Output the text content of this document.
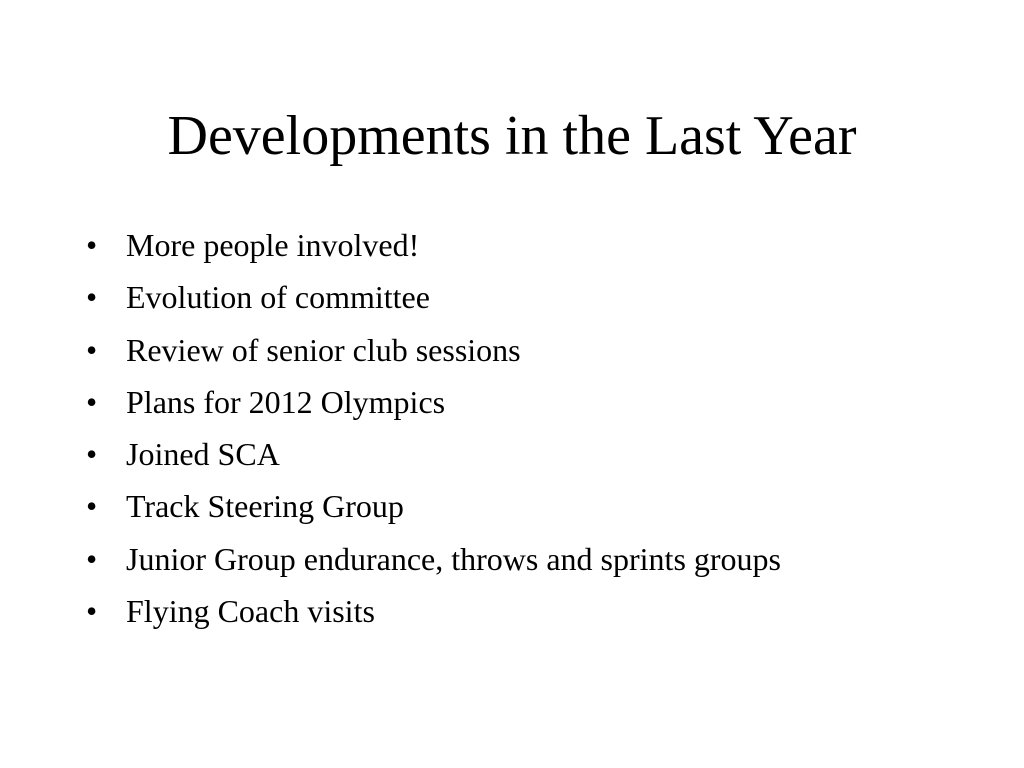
Developments in the Last Year
• More people involved!
• Evolution of committee
• Review of senior club sessions
• Plans for 2012 Olympics
• Joined SCA
• Track Steering Group
• Junior Group endurance, throws and sprints groups
• Flying Coach visits
